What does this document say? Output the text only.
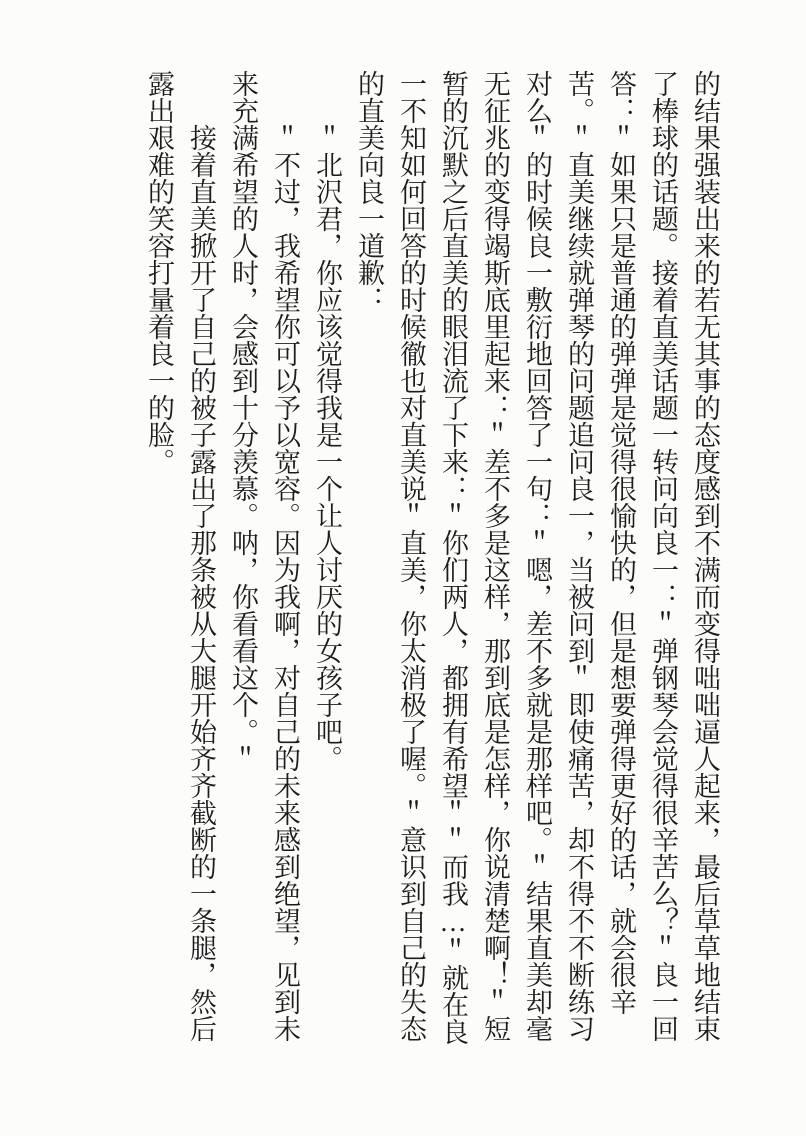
的结果强装出来的若无其事的态度感到不满而变得咄咄逼人起来，最后草草地结束了棒球的话题。接着直美话题一转问向良一：＂弹钢琴会觉得很辛苦么？＂良一回答：＂如果只是普通的弹弹是觉得很愉快的，但是想要弹得更好的话，就会很辛苦。＂直美继续就弹琴的问题追问良一，当被问到＂即使痛苦，却不得不不断练习对么＂的时候良一敷衍地回答了一句：＂嗯，差不多就是那样吧。＂结果直美却毫无征兆的变得竭斯底里起来：＂差不多是这样，那到底是怎样，你说清楚啊！＂短暂的沉默之后直美的眼泪流了下来：＂你们两人，都拥有希望＂＂而我…＂就在良一不知如何回答的时候徹也对直美说＂直美，你太消极了喔。＂意识到自己的失态的直美向良一道歉：

＂北沢君，你应该觉得我是一个让人讨厌的女孩子吧。

＂不过，我希望你可以予以宽容。因为我啊，对自己的未来感到绝望，见到未来充满希望的人时，会感到十分羡慕。呐，你看看这个。＂

接着直美掀开了自己的被子露出了那条被从大腿开始齐齐截断的一条腿，然后露出艰难的笑容打量着良一的脸。
